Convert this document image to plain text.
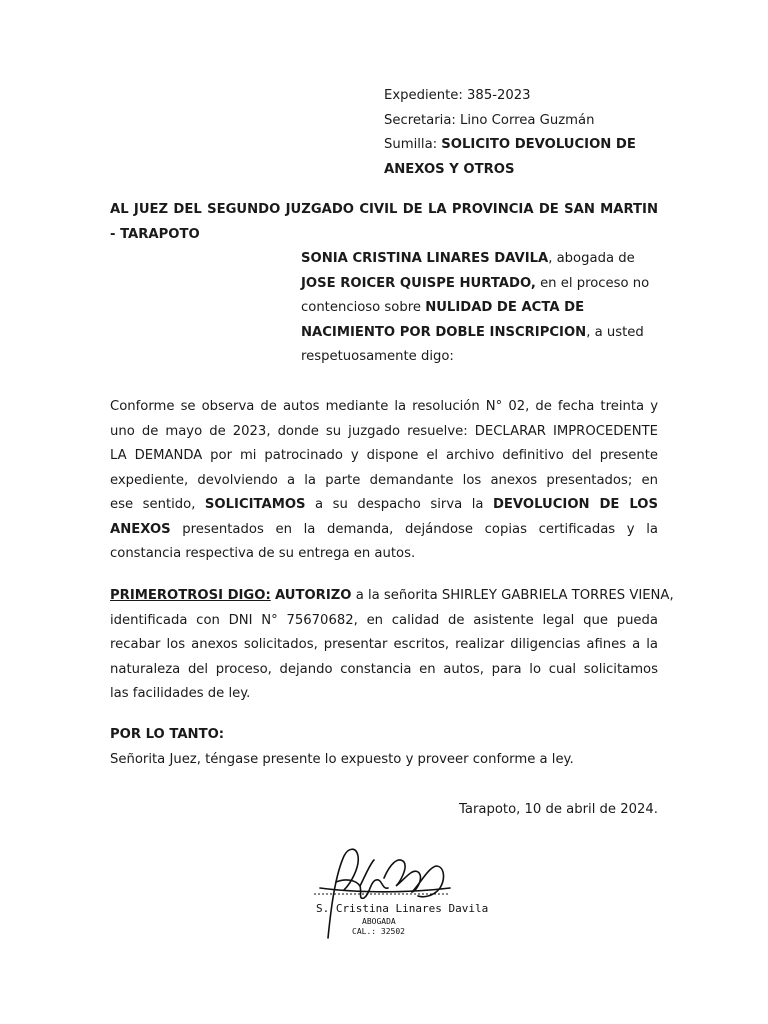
Expediente: 385-2023
Secretaria: Lino Correa Guzmán
Sumilla: SOLICITO DEVOLUCION DE
ANEXOS Y OTROS
AL JUEZ DEL SEGUNDO JUZGADO CIVIL DE LA PROVINCIA DE SAN MARTIN - TARAPOTO
SONIA CRISTINA LINARES DAVILA, abogada de
JOSE ROICER QUISPE HURTADO, en el proceso no
contencioso sobre NULIDAD DE ACTA DE
NACIMIENTO POR DOBLE INSCRIPCION, a usted
respetuosamente digo:
Conforme se observa de autos mediante la resolución N° 02, de fecha treinta y
uno de mayo de 2023, donde su juzgado resuelve: DECLARAR IMPROCEDENTE
LA DEMANDA por mi patrocinado y dispone el archivo definitivo del presente
expediente, devolviendo a la parte demandante los anexos presentados; en
ese sentido, SOLICITAMOS a su despacho sirva la DEVOLUCION DE LOS
ANEXOS presentados en la demanda, dejándose copias certificadas y la
constancia respectiva de su entrega en autos.
PRIMEROTROSI DIGO: AUTORIZO a la señorita SHIRLEY GABRIELA TORRES VIENA,
identificada con DNI N° 75670682, en calidad de asistente legal que pueda
recabar los anexos solicitados, presentar escritos, realizar diligencias afines a la
naturaleza del proceso, dejando constancia en autos, para lo cual solicitamos
las facilidades de ley.
POR LO TANTO:
Señorita Juez, téngase presente lo expuesto y proveer conforme a ley.
Tarapoto, 10 de abril de 2024.
S. Cristina Linares Davila
ABOGADA
CAL.: 32502
